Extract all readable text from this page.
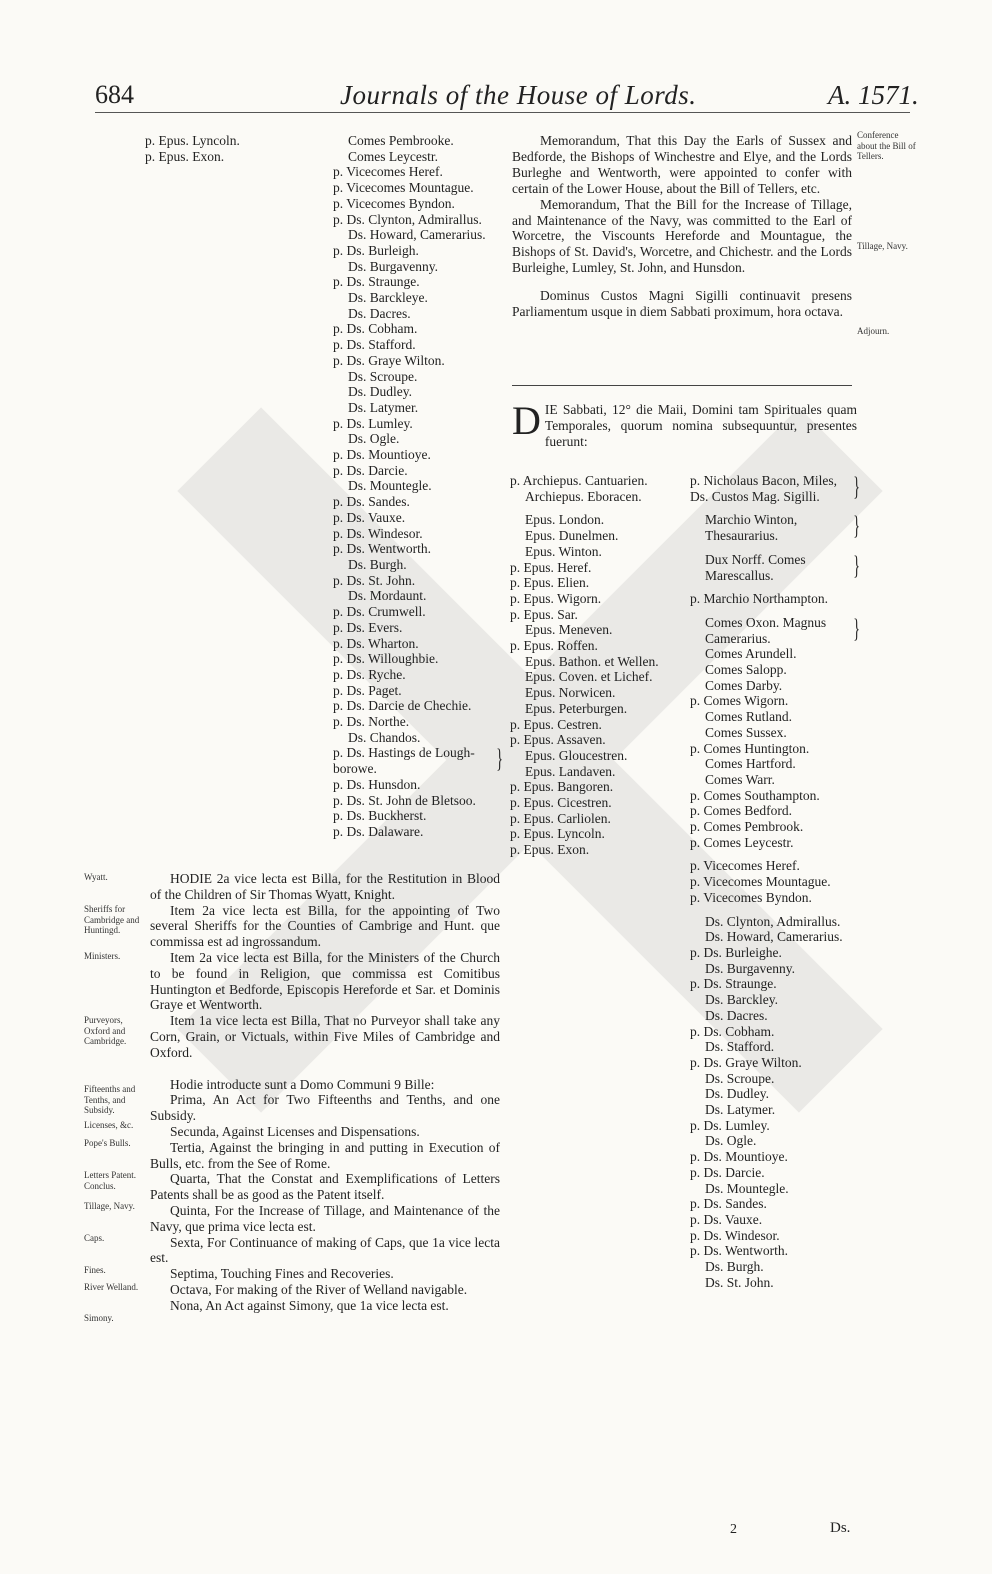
684	Journals of the House of Lords.	A. 1571.
p. Epus. Lyncoln.
p. Epus. Exon.
Comes Pembrooke.
Comes Leycestr.
p. Vicecomes Heref.
p. Vicecomes Mountague.
p. Vicecomes Byndon.
p. Ds. Clynton, Admirallus.
Ds. Howard, Camerarius.
p. Ds. Burleigh.
Ds. Burgavenny.
p. Ds. Straunge.
Ds. Barckleye.
Ds. Dacres.
p. Ds. Cobham.
p. Ds. Stafford.
p. Ds. Graye Wilton.
Ds. Scroupe.
Ds. Dudley.
Ds. Latymer.
p. Ds. Lumley.
Ds. Ogle.
p. Ds. Mountioye.
p. Ds. Darcie.
Ds. Mountegle.
p. Ds. Sandes.
p. Ds. Vauxe.
p. Ds. Windesor.
p. Ds. Wentworth.
Ds. Burgh.
p. Ds. St. John.
Ds. Mordaunt.
p. Ds. Crumwell.
p. Ds. Evers.
p. Ds. Wharton.
p. Ds. Willoughbie.
p. Ds. Ryche.
p. Ds. Paget.
p. Ds. Darcie de Chechie.
p. Ds. Northe.
Ds. Chandos.
p. Ds. Hastings de Lough- borowe. }
p. Ds. Hunsdon.
p. Ds. St. John de Bletsoo.
p. Ds. Buckherst.
p. Ds. Dalaware.

Memorandum, That this Day the Earls of Sussex and Bedforde, the Bishops of Winchestre and Elye, and the Lords Burleghe and Wentworth, were appointed to confer with certain of the Lower House, about the Bill of Tellers, etc.

Memorandum, That the Bill for the Increase of Tillage, and Maintenance of the Navy, was committed to the Earl of Worcetre, the Viscounts Hereforde and Mountague, the Bishops of St. David's, Worcetre, and Chichestr. and the Lords Burleighe, Lumley, St. John, and Hunsdon.

Dominus Custos Magni Sigilli continuavit presens Parliamentum usque in diem Sabbati proximum, hora octava.

D IE Sabbati, 12° die Maii, Domini tam Spirituales quam Temporales, quorum nomina subsequuntur, presentes fuerunt:
p. Archiepus. Cantuarien.
Archiepus. Eboracen.
Epus. London.
Epus. Dunelmen.
Epus. Winton.
p. Epus. Heref.
p. Epus. Elien.
p. Epus. Wigorn.
p. Epus. Sar.
Epus. Meneven.
p. Epus. Roffen.
Epus. Bathon. et Wellen.
Epus. Coven. et Lichef.
Epus. Norwicen.
Epus. Peterburgen.
p. Epus. Cestren.
p. Epus. Assaven.
Epus. Gloucestren.
Epus. Landaven.
p. Epus. Bangoren.
p. Epus. Cicestren.
p. Epus. Carliolen.
p. Epus. Lyncoln.
p. Epus. Exon.
p. Nicholaus Bacon, Miles, Ds. Custos Mag. Sigilli. }
Marchio Winton, Thesaurarius. }
Dux Norff. Comes Marescallus. }
p. Marchio Northampton.
Comes Oxon. Magnus Camerarius. }
Comes Arundell.
Comes Salopp.
Comes Darby.
p. Comes Wigorn.
Comes Rutland.
Comes Sussex.
p. Comes Huntington.
Comes Hartford.
Comes Warr.
p. Comes Southampton.
p. Comes Bedford.
p. Comes Pembrook.
p. Comes Leycestr.
p. Vicecomes Heref.
p. Vicecomes Mountague.
p. Vicecomes Byndon.
Ds. Clynton, Admirallus.
Ds. Howard, Camerarius.
p. Ds. Burleighe.
Ds. Burgavenny.
p. Ds. Straunge.
Ds. Barckley.
Ds. Dacres.
p. Ds. Cobham.
Ds. Stafford.
p. Ds. Graye Wilton.
Ds. Scroupe.
Ds. Dudley.
Ds. Latymer.
p. Ds. Lumley.
Ds. Ogle.
p. Ds. Mountioye.
p. Ds. Darcie.
Ds. Mountegle.
p. Ds. Sandes.
p. Ds. Vauxe.
p. Ds. Windesor.
p. Ds. Wentworth.
Ds. Burgh.
Ds. St. John.

HODIE 2a vice lecta est Billa, for the Restitution in Blood of the Children of Sir Thomas Wyatt, Knight.

Item 2a vice lecta est Billa, for the appointing of Two several Sheriffs for the Counties of Cambrige and Hunt. que commissa est ad ingrossandum.

Item 2a vice lecta est Billa, for the Ministers of the Church to be found in Religion, que commissa est Comitibus Huntington et Bedforde, Episcopis Hereforde et Sar. et Dominis Graye et Wentworth.

Item 1a vice lecta est Billa, That no Purveyor shall take any Corn, Grain, or Victuals, within Five Miles of Cambridge and Oxford.

Hodie introducte sunt a Domo Communi 9 Bille:

Prima, An Act for Two Fifteenths and Tenths, and one Subsidy.

Secunda, Against Licenses and Dispensations.

Tertia, Against the bringing in and putting in Execution of Bulls, etc. from the See of Rome.

Quarta, That the Constat and Exemplifications of Letters Patents shall be as good as the Patent itself.

Quinta, For the Increase of Tillage, and Maintenance of the Navy, que prima vice lecta est.

Sexta, For Continuance of making of Caps, que 1a vice lecta est.

Septima, Touching Fines and Recoveries.

Octava, For making of the River of Welland navigable.

Nona, An Act against Simony, que 1a vice lecta est.

Wyatt.
Sheriffs for Cambridge and Huntingd.
Ministers.
Purveyors, Oxford and Cambridge.
Fifteenths and Tenths, and Subsidy.
Licenses, &c.
Pope's Bulls.
Letters Patent. Conclus.
Tillage, Navy.
Caps.
Fines.
River Welland.
Simony.
Conference about the Bill of Tellers.
Tillage, Navy.
Adjourn.
2	Ds.
